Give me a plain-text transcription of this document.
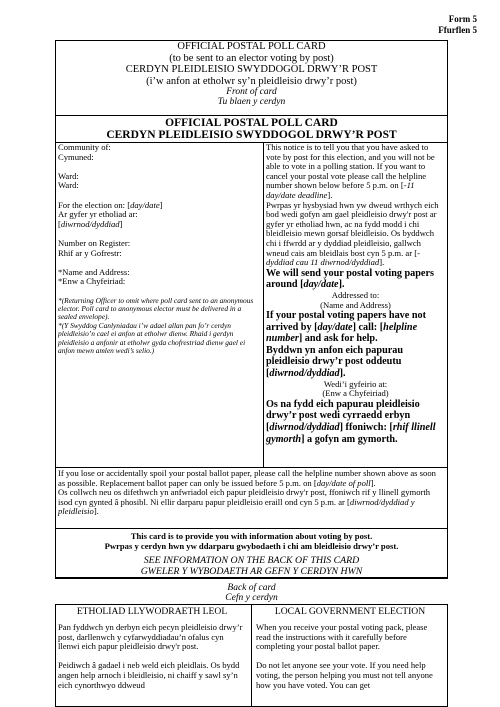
Form 5
Ffurflen 5

OFFICIAL POSTAL POLL CARD

(to be sent to an elector voting by post)

CERDYN PLEIDLEISIO SWYDDOGOL DRWY’R POST

(i’w anfon at etholwr sy’n pleidleisio drwy’r post)

Front of card

Tu blaen y cerdyn

OFFICIAL POSTAL POLL CARD

CERDYN PLEIDLEISIO SWYDDOGOL DRWY’R POST

Community of:

Cymuned:

Ward:

Ward:

For the election on: [day/date]

Ar gyfer yr etholiad ar:

[diwrnod/dyddiad]

Number on Register:

Rhif ar y Gofrestr:

*Name and Address:

*Enw a Chyfeiriad:

*(Returning Officer to omit where poll card sent to an anonymous elector. Poll card to anonymous elector must be delivered in a sealed envelope).

*(Y Swyddog Canlyniadau i’w adael allan pan fo’r cerdyn pleidleisio’n cael ei anfon at etholwr dienw. Rhaid i gerdyn pleidleisio a anfonir at etholwr gyda chofrestriad dienw gael ei anfon mewn amlen wedi’s selio.)

This notice is to tell you that you have asked to vote by post for this election, and you will not be able to vote in a polling station. If you want to cancel your postal vote please call the helpline number shown below before 5 p.m. on [-11 day/date deadline].

Pwrpas yr hysbysiad hwn yw dweud wrthych eich bod wedi gofyn am gael pleidleisio drwy'r post ar gyfer yr etholiad hwn, ac na fydd modd i chi bleidleisio mewn gorsaf bleidleisio. Os byddwch chi i ffwrdd ar y dyddiad pleidleisio, gallwch wneud cais am bleidlais bost cyn 5 p.m. ar [- dyddiad cau 11 diwrnod/dyddiad].

We will send your postal voting papers around [day/date].

Addressed to:

(Name and Address)

If your postal voting papers have not arrived by [day/date] call: [helpline number] and ask for help.

Byddwn yn anfon eich papurau pleidleisio drwy’r post oddeutu [diwrnod/dyddiad].

Wedi’i gyfeirio at:

(Enw a Chyfeiriad)

Os na fydd eich papurau pleidleisio drwy’r post wedi cyrraedd erbyn [diwrnod/dyddiad] ffoniwch: [rhif llinell gymorth] a gofyn am gymorth.

If you lose or accidentally spoil your postal ballot paper, please call the helpline number shown above as soon as possible. Replacement ballot paper can only be issued before 5 p.m. on [day/date of poll].

Os collwch neu os difethwch yn anfwriadol eich papur pleidleisio drwy'r post, ffoniwch rif y llinell gymorth isod cyn gynted â phosibl. Ni ellir darparu papur pleidleisio eraill ond cyn 5 p.m. ar [diwrnod/dyddiad y pleidleisio].

This card is to provide you with information about voting by post.

Pwrpas y cerdyn hwn yw ddarparu gwybodaeth i chi am bleidleisio drwy’r post.

SEE INFORMATION ON THE BACK OF THIS CARD

GWELER Y WYBODAETH AR GEFN Y CERDYN HWN

Back of card

Cefn y cerdyn

ETHOLIAD LLYWODRAETH LEOL

Pan fyddwch yn derbyn eich pecyn pleidleisio drwy’r post, darllenwch y cyfarwyddiadau’n ofalus cyn llenwi eich papur pleidleisio drwy'r post.

Peidiwch â gadael i neb weld eich pleidlais. Os bydd angen help arnoch i bleidleisio, ni chaiff y sawl sy’n eich cynorthwyo ddweud

LOCAL GOVERNMENT ELECTION

When you receive your postal voting pack, please read the instructions with it carefully before completing your postal ballot paper.

Do not let anyone see your vote. If you need help voting, the person helping you must not tell anyone how you have voted. You can get
